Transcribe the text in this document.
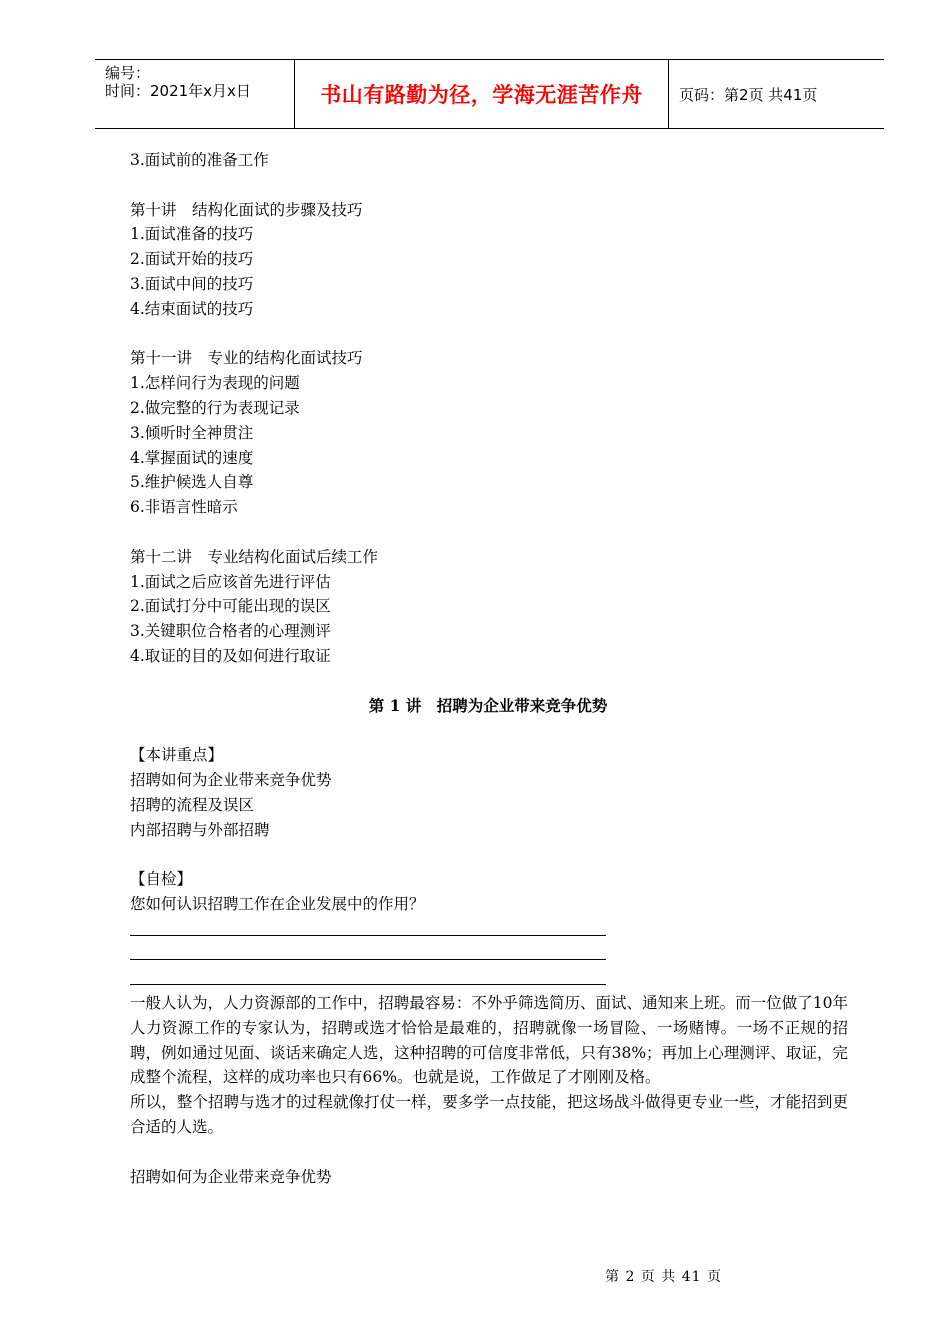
编号：
时间：2021年x月x日	书山有路勤为径，学海无涯苦作舟 页码：第2页 共41页

3.面试前的准备工作

第十讲　结构化面试的步骤及技巧

1.面试准备的技巧

2.面试开始的技巧

3.面试中间的技巧

4.结束面试的技巧

第十一讲　专业的结构化面试技巧

1.怎样问行为表现的问题

2.做完整的行为表现记录

3.倾听时全神贯注

4.掌握面试的速度

5.维护候选人自尊

6.非语言性暗示

第十二讲　专业结构化面试后续工作

1.面试之后应该首先进行评估

2.面试打分中可能出现的误区

3.关键职位合格者的心理测评

4.取证的目的及如何进行取证

第 1 讲　招聘为企业带来竞争优势

【本讲重点】

招聘如何为企业带来竞争优势

招聘的流程及误区

内部招聘与外部招聘

【自检】

您如何认识招聘工作在企业发展中的作用？

一般人认为，人力资源部的工作中，招聘最容易：不外乎筛选简历、面试、通知来上班。而一位做了10年人力资源工作的专家认为，招聘或选才恰恰是最难的，招聘就像一场冒险、一场赌博。一场不正规的招聘，例如通过见面、谈话来确定人选，这种招聘的可信度非常低，只有38%；再加上心理测评、取证，完成整个流程，这样的成功率也只有66%。也就是说，工作做足了才刚刚及格。

所以，整个招聘与选才的过程就像打仗一样，要多学一点技能，把这场战斗做得更专业一些，才能招到更合适的人选。

招聘如何为企业带来竞争优势

第 2 页 共 41 页
